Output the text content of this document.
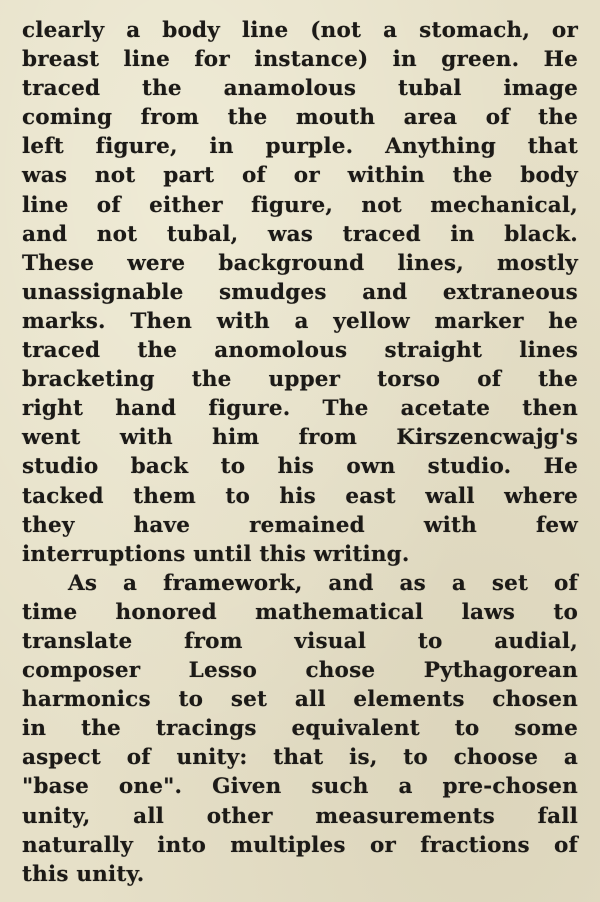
clearly a body line (not a stomach, or
breast line for instance) in green. He
traced the anamolous tubal image
coming from the mouth area of the
left figure, in purple. Anything that
was not part of or within the body
line of either figure, not mechanical,
and not tubal, was traced in black.
These were background lines, mostly
unassignable smudges and extraneous
marks. Then with a yellow marker he
traced the anomolous straight lines
bracketing the upper torso of the
right hand figure. The acetate then
went with him from Kirszencwajg's
studio back to his own studio. He
tacked them to his east wall where
they have remained with few
interruptions until this writing.
As a framework, and as a set of
time honored mathematical laws to
translate from visual to audial,
composer Lesso chose Pythagorean
harmonics to set all elements chosen
in the tracings equivalent to some
aspect of unity: that is, to choose a
"base one". Given such a pre-chosen
unity, all other measurements fall
naturally into multiples or fractions of
this unity.
